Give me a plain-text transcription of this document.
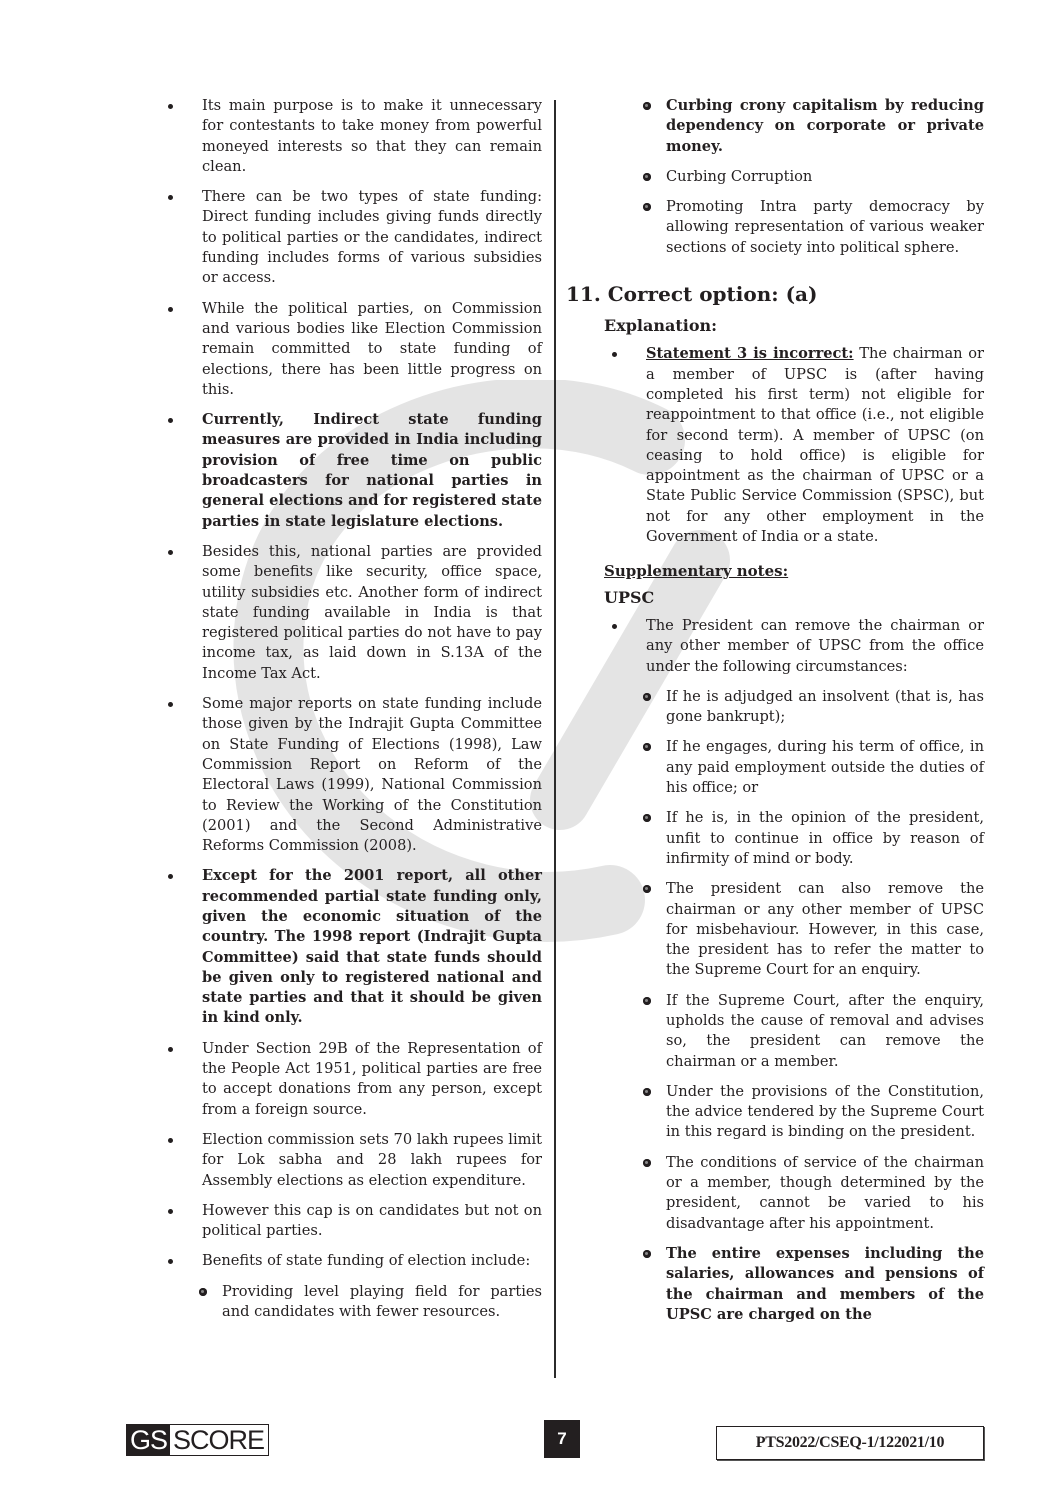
Its main purpose is to make it unnecessary for contestants to take money from powerful moneyed interests so that they can remain clean.
There can be two types of state funding: Direct funding includes giving funds directly to political parties or the candidates, indirect funding includes forms of various subsidies or access.
While the political parties, on Commission and various bodies like Election Commission remain committed to state funding of elections, there has been little progress on this.
Currently, Indirect state funding measures are provided in India including provision of free time on public broadcasters for national parties in general elections and for registered state parties in state legislature elections.
Besides this, national parties are provided some benefits like security, office space, utility subsidies etc. Another form of indirect state funding available in India is that registered political parties do not have to pay income tax, as laid down in S.13A of the Income Tax Act.
Some major reports on state funding include those given by the Indrajit Gupta Committee on State Funding of Elections (1998), Law Commission Report on Reform of the Electoral Laws (1999), National Commission to Review the Working of the Constitution (2001) and the Second Administrative Reforms Commission (2008).
Except for the 2001 report, all other recommended partial state funding only, given the economic situation of the country. The 1998 report (Indrajit Gupta Committee) said that state funds should be given only to registered national and state parties and that it should be given in kind only.
Under Section 29B of the Representation of the People Act 1951, political parties are free to accept donations from any person, except from a foreign source.
Election commission sets 70 lakh rupees limit for Lok sabha and 28 lakh rupees for Assembly elections as election expenditure.
However this cap is on candidates but not on political parties.
Benefits of state funding of election include:
Providing level playing field for parties and candidates with fewer resources.
Curbing crony capitalism by reducing dependency on corporate or private money.
Curbing Corruption
Promoting Intra party democracy by allowing representation of various weaker sections of society into political sphere.
11. Correct option: (a)
Explanation:
Statement 3 is incorrect: The chairman or a member of UPSC is (after having completed his first term) not eligible for reappointment to that office (i.e., not eligible for second term). A member of UPSC (on ceasing to hold office) is eligible for appointment as the chairman of UPSC or a State Public Service Commission (SPSC), but not for any other employment in the Government of India or a state.
Supplementary notes:
UPSC
The President can remove the chairman or any other member of UPSC from the office under the following circumstances:
If he is adjudged an insolvent (that is, has gone bankrupt);
If he engages, during his term of office, in any paid employment outside the duties of his office; or
If he is, in the opinion of the president, unfit to continue in office by reason of infirmity of mind or body.
The president can also remove the chairman or any other member of UPSC for misbehaviour. However, in this case, the president has to refer the matter to the Supreme Court for an enquiry.
If the Supreme Court, after the enquiry, upholds the cause of removal and advises so, the president can remove the chairman or a member.
Under the provisions of the Constitution, the advice tendered by the Supreme Court in this regard is binding on the president.
The conditions of service of the chairman or a member, though determined by the president, cannot be varied to his disadvantage after his appointment.
The entire expenses including the salaries, allowances and pensions of the chairman and members of the UPSC are charged on the
GS SCORE	7	PTS2022/CSEQ-1/122021/10
